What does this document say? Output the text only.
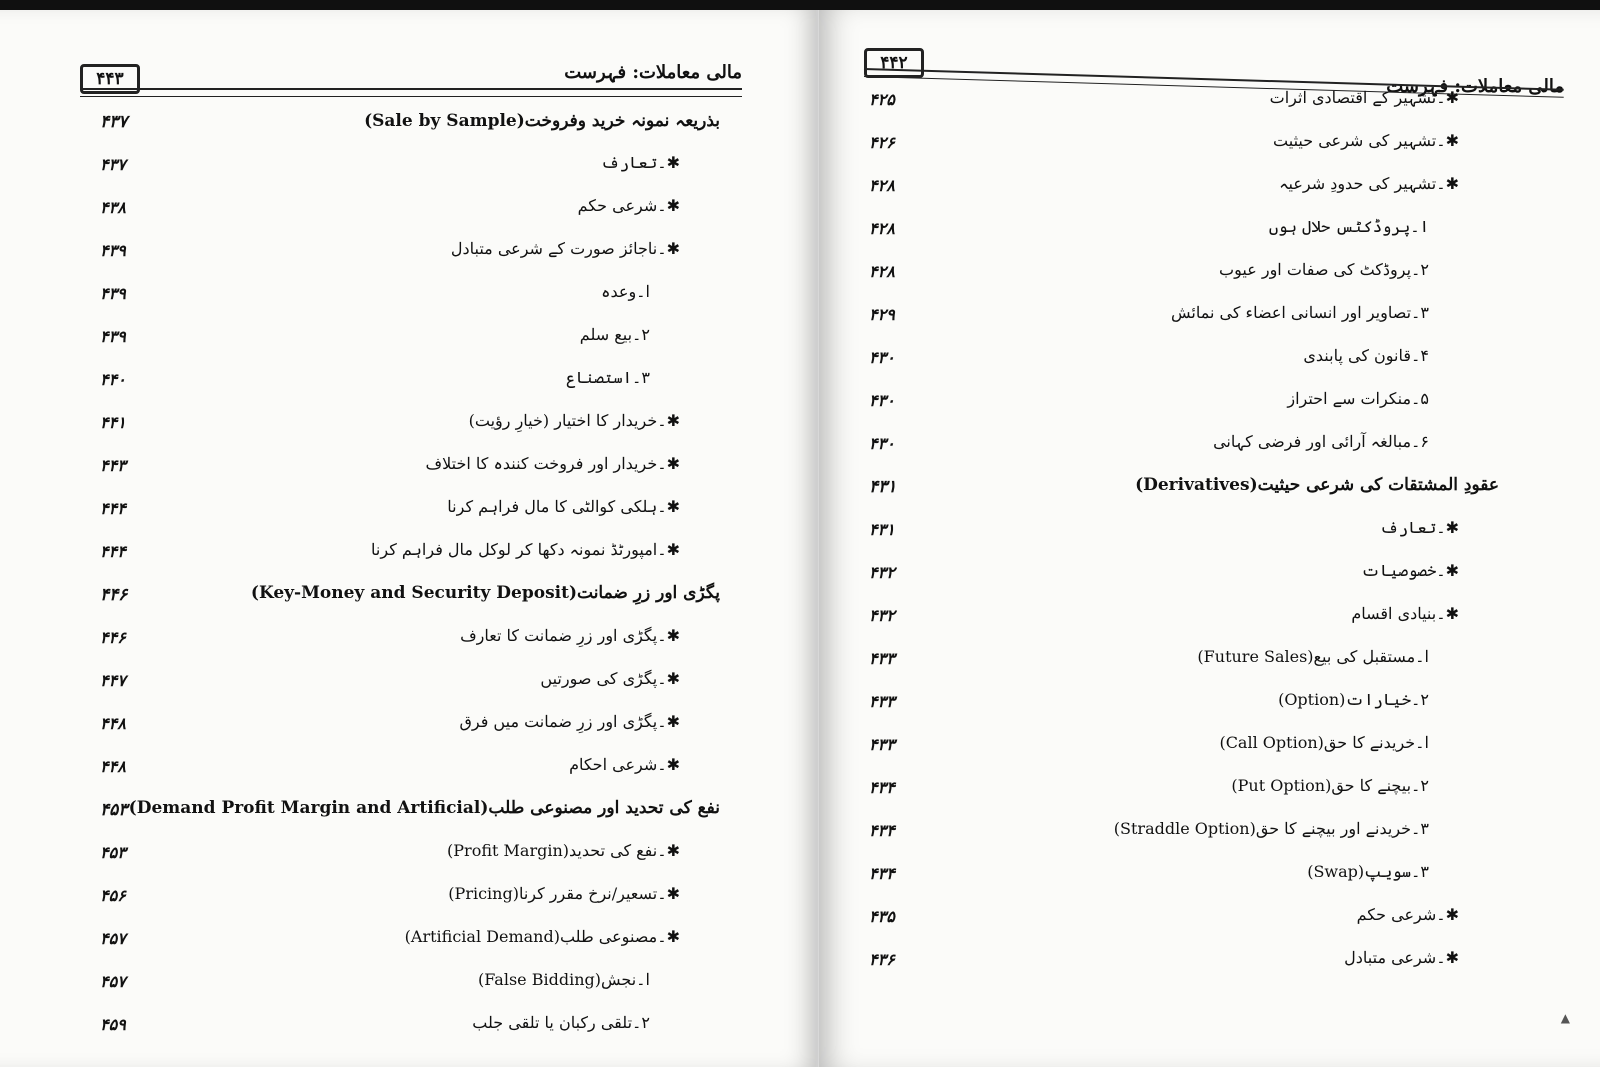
۴۴۳	مالی معاملات: فہرست
۴۳۷	بذریعہ نمونہ خرید وفروخت(Sale by Sample)
۴۳۷	✱۔تعارف
۴۳۸	✱۔شرعی حکم
۴۳۹	✱۔ناجائز صورت کے شرعی متبادل
۴۳۹	ا۔وعدہ
۴۳۹	۲۔بیع سلم
۴۴۰	۳۔استصناع
۴۴۱	✱۔خریدار کا اختیار (خیارِ رؤیت)
۴۴۳	✱۔خریدار اور فروخت کنندہ کا اختلاف
۴۴۴	✱۔ہلکی کوالٹی کا مال فراہم کرنا
۴۴۴	✱۔امپورٹڈ نمونہ دکھا کر لوکل مال فراہم کرنا
۴۴۶	پگڑی اور زرِ ضمانت(Key-Money and Security Deposit)
۴۴۶	✱۔پگڑی اور زرِ ضمانت کا تعارف
۴۴۷	✱۔پگڑی کی صورتیں
۴۴۸	✱۔پگڑی اور زرِ ضمانت میں فرق
۴۴۸	✱۔شرعی احکام
۴۵۳ نفع کی تحدید اور مصنوعی طلب(Demand Profit Margin and Artificial)
۴۵۳	✱۔نفع کی تحدید(Profit Margin)
۴۵۶	✱۔تسعیر/نرخ مقرر کرنا(Pricing)
۴۵۷	✱۔مصنوعی طلب(Artificial Demand)
۴۵۷	ا۔نجش(False Bidding)
۴۵۹	۲۔تلقی رکبان یا تلقی جلب
۴۴۲
مالی معاملات: فہرست
۴۲۵	✱۔تشہیر کے اقتصادی اثرات
۴۲۶	✱۔تشہیر کی شرعی حیثیت
۴۲۸	✱۔تشہیر کی حدودِ شرعیہ
۴۲۸	ا۔پروڈکٹس حلال ہوں
۴۲۸	۲۔پروڈکٹ کی صفات اور عیوب
۴۲۹	۳۔تصاویر اور انسانی اعضاء کی نمائش
۴۳۰	۴۔قانون کی پابندی
۴۳۰	۵۔منکرات سے احتراز
۴۳۰	۶۔مبالغہ آرائی اور فرضی کہانی
۴۳۱	عقودِ المشتقات کی شرعی حیثیت(Derivatives)
۴۳۱	✱۔تعارف
۴۳۲	✱۔خصوصیات
۴۳۲	✱۔بنیادی اقسام
۴۳۳	ا۔مستقبل کی بیع(Future Sales)
۴۳۳	۲۔خیارات(Option)
۴۳۳	ا۔خریدنے کا حق(Call Option)
۴۳۴	۲۔بیچنے کا حق(Put Option)
۴۳۴	۳۔خریدنے اور بیچنے کا حق(Straddle Option)
۴۳۴	۳۔سویپ(Swap)
۴۳۵	✱۔شرعی حکم
۴۳۶	✱۔شرعی متبادل
▲
